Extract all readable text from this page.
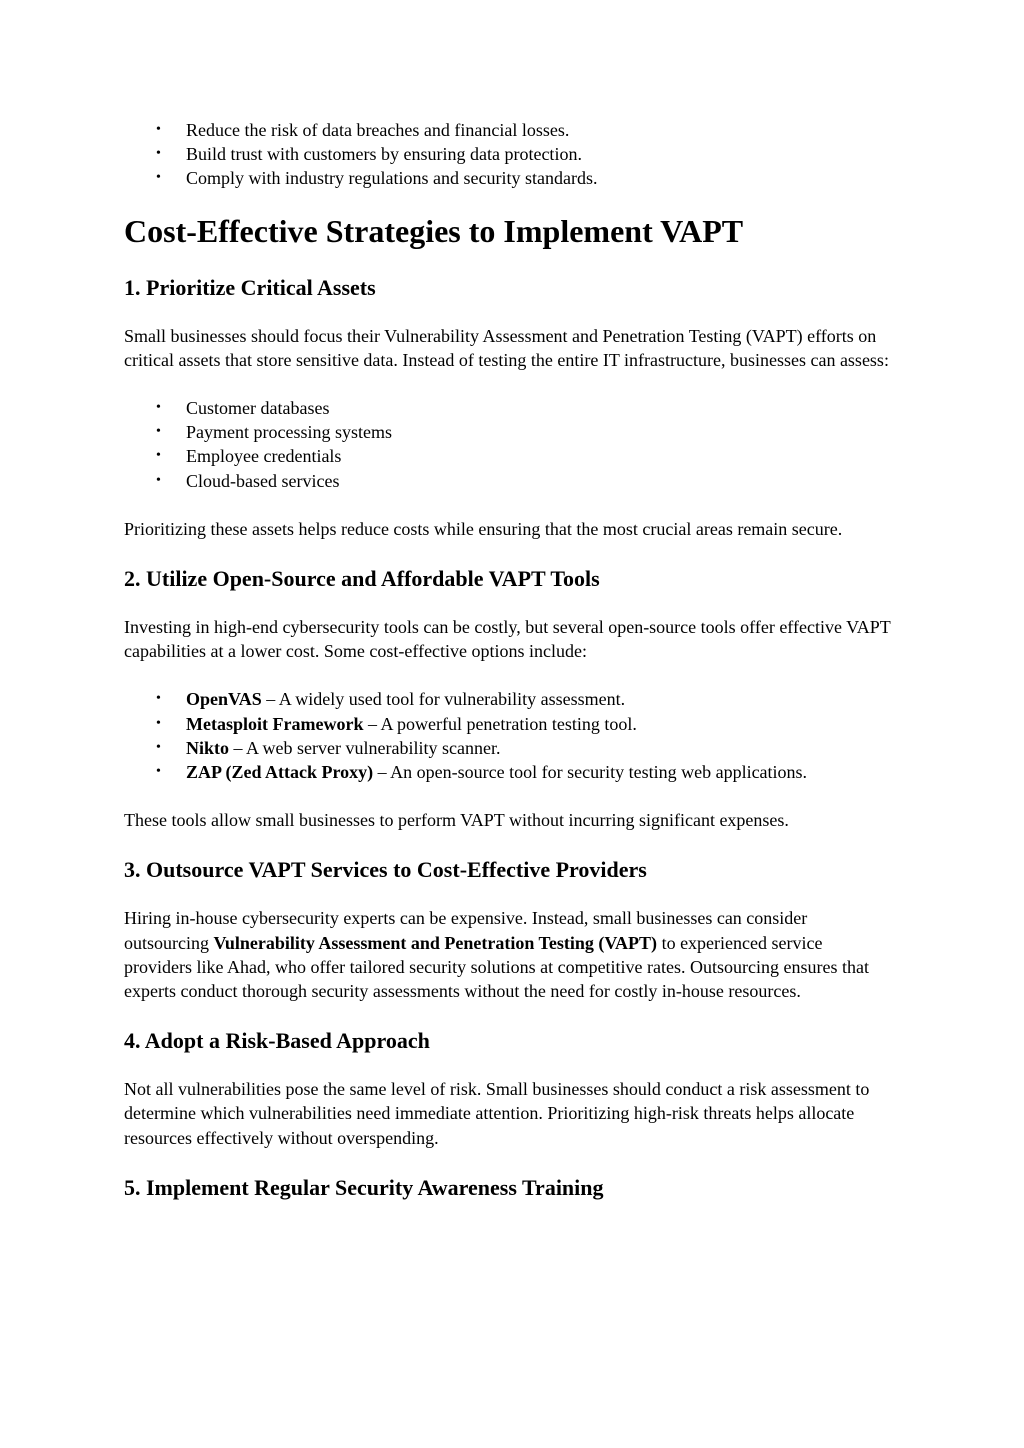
• Reduce the risk of data breaches and financial losses.
• Build trust with customers by ensuring data protection.
• Comply with industry regulations and security standards.
Cost-Effective Strategies to Implement VAPT
1. Prioritize Critical Assets

Small businesses should focus their Vulnerability Assessment and Penetration Testing (VAPT) efforts on critical assets that store sensitive data. Instead of testing the entire IT infrastructure, businesses can assess:

• Customer databases
• Payment processing systems
• Employee credentials
• Cloud-based services

Prioritizing these assets helps reduce costs while ensuring that the most crucial areas remain secure.

2. Utilize Open-Source and Affordable VAPT Tools

Investing in high-end cybersecurity tools can be costly, but several open-source tools offer effective VAPT capabilities at a lower cost. Some cost-effective options include:

• OpenVAS – A widely used tool for vulnerability assessment.
• Metasploit Framework – A powerful penetration testing tool.
• Nikto – A web server vulnerability scanner.
• ZAP (Zed Attack Proxy) – An open-source tool for security testing web applications.

These tools allow small businesses to perform VAPT without incurring significant expenses.

3. Outsource VAPT Services to Cost-Effective Providers

Hiring in-house cybersecurity experts can be expensive. Instead, small businesses can consider outsourcing Vulnerability Assessment and Penetration Testing (VAPT) to experienced service providers like Ahad, who offer tailored security solutions at competitive rates. Outsourcing ensures that experts conduct thorough security assessments without the need for costly in-house resources.

4. Adopt a Risk-Based Approach

Not all vulnerabilities pose the same level of risk. Small businesses should conduct a risk assessment to determine which vulnerabilities need immediate attention. Prioritizing high-risk threats helps allocate resources effectively without overspending.

5. Implement Regular Security Awareness Training
